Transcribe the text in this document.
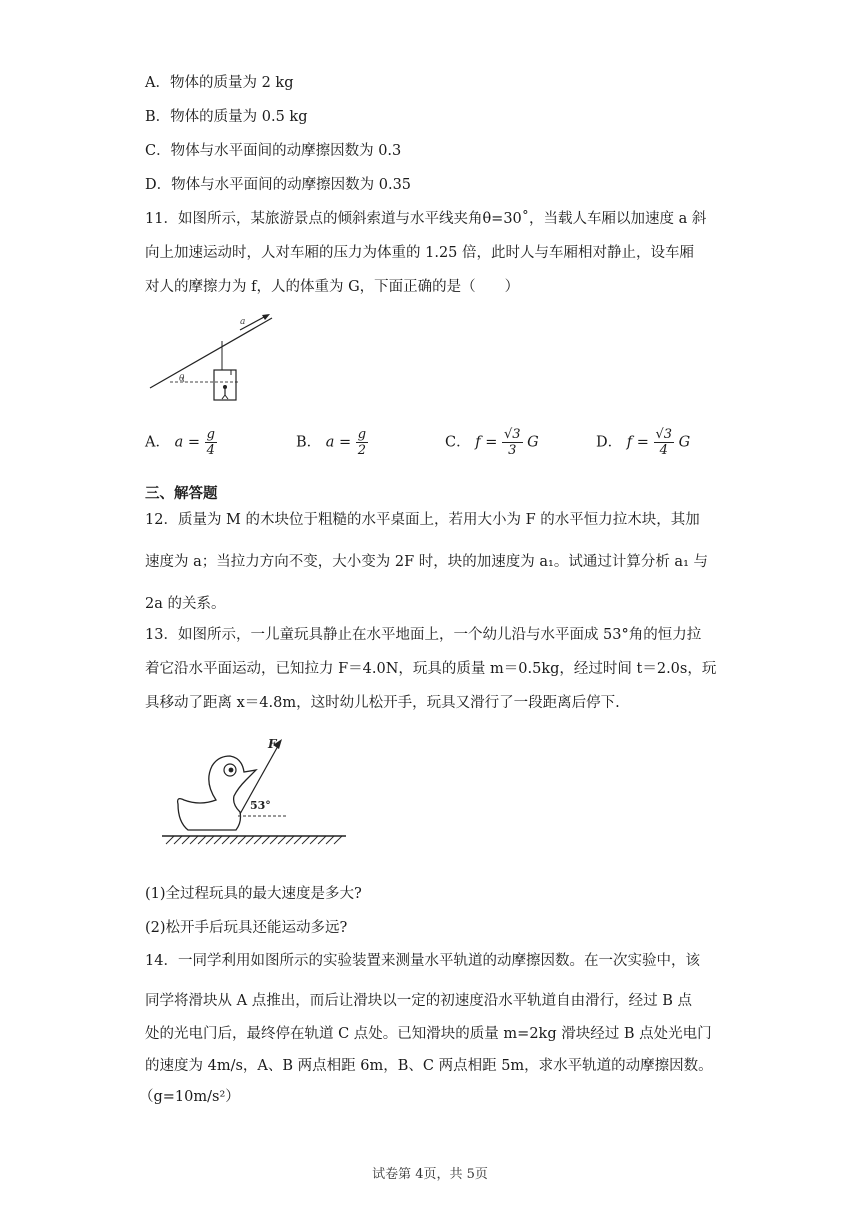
A．物体的质量为 2 kg
B．物体的质量为 0.5 kg
C．物体与水平面间的动摩擦因数为 0.3
D．物体与水平面间的动摩擦因数为 0.35
11．如图所示，某旅游景点的倾斜索道与水平线夹角θ=30˚，当载人车厢以加速度 a 斜
向上加速运动时，人对车厢的压力为体重的 1.25 倍，此时人与车厢相对静止，设车厢
对人的摩擦力为 f，人的体重为 G，下面正确的是（　　）
a
θ
A． $a = \frac{g}{4}$	B． $a = \frac{g}{2}$	C． $f = \frac{√3}{3}$ G	D． $f = \frac{√3}{4}$ G
三、解答题
12．质量为 M 的木块位于粗糙的水平桌面上，若用大小为 F 的水平恒力拉木块，其加
速度为 a；当拉力方向不变，大小变为 2F 时，块的加速度为 a₁。试通过计算分析 a₁ 与
2a 的关系。
13．如图所示，一儿童玩具静止在水平地面上，一个幼儿沿与水平面成 53°角的恒力拉
着它沿水平面运动，已知拉力 F＝4.0N，玩具的质量 m＝0.5kg，经过时间 t＝2.0s，玩
具移动了距离 x＝4.8m，这时幼儿松开手，玩具又滑行了一段距离后停下.
F
53°
(1)全过程玩具的最大速度是多大?
(2)松开手后玩具还能运动多远?
14．一同学利用如图所示的实验装置来测量水平轨道的动摩擦因数。在一次实验中，该
同学将滑块从 A 点推出，而后让滑块以一定的初速度沿水平轨道自由滑行，经过 B 点
处的光电门后，最终停在轨道 C 点处。已知滑块的质量 m=2kg 滑块经过 B 点处光电门
的速度为 4m/s，A、B 两点相距 6m，B、C 两点相距 5m，求水平轨道的动摩擦因数。
（g=10m/s²）
试卷第 4页，共 5页
